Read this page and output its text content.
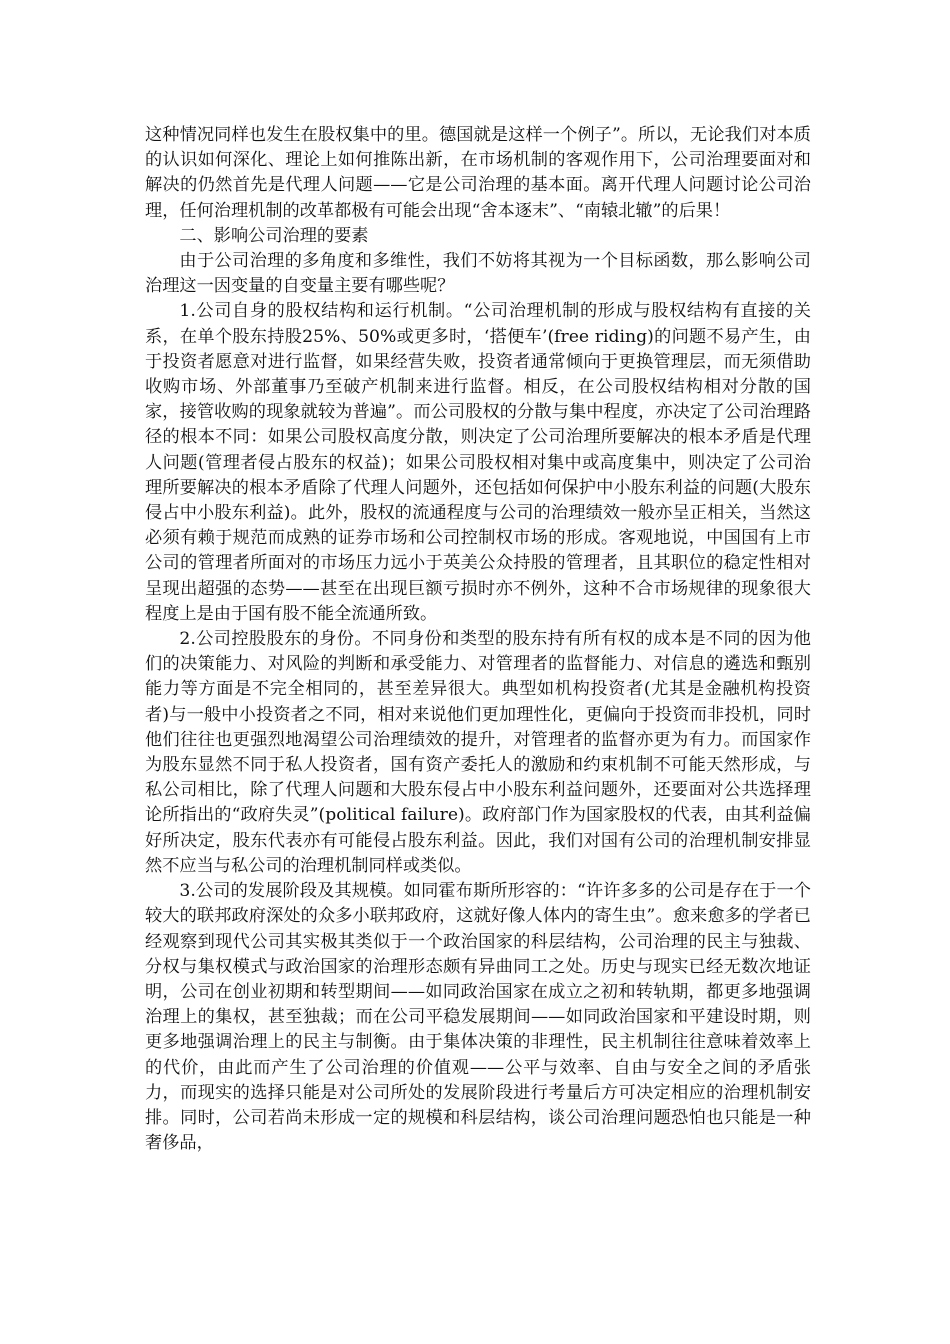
这种情况同样也发生在股权集中的里。德国就是这样一个例子”。所以，无论我们对本质的认识如何深化、理论上如何推陈出新，在市场机制的客观作用下，公司治理要面对和解决的仍然首先是代理人问题——它是公司治理的基本面。离开代理人问题讨论公司治理，任何治理机制的改革都极有可能会出现“舍本逐末”、“南辕北辙”的后果！

二、影响公司治理的要素

由于公司治理的多角度和多维性，我们不妨将其视为一个目标函数，那么影响公司治理这一因变量的自变量主要有哪些呢？

1.公司自身的股权结构和运行机制。“公司治理机制的形成与股权结构有直接的关系，在单个股东持股25%、50%或更多时，‘搭便车’(free riding)的问题不易产生，由于投资者愿意对进行监督，如果经营失败，投资者通常倾向于更换管理层，而无须借助收购市场、外部董事乃至破产机制来进行监督。相反，在公司股权结构相对分散的国家，接管收购的现象就较为普遍”。而公司股权的分散与集中程度，亦决定了公司治理路径的根本不同：如果公司股权高度分散，则决定了公司治理所要解决的根本矛盾是代理人问题(管理者侵占股东的权益)；如果公司股权相对集中或高度集中，则决定了公司治理所要解决的根本矛盾除了代理人问题外，还包括如何保护中小股东利益的问题(大股东侵占中小股东利益)。此外，股权的流通程度与公司的治理绩效一般亦呈正相关，当然这必须有赖于规范而成熟的证券市场和公司控制权市场的形成。客观地说，中国国有上市公司的管理者所面对的市场压力远小于英美公众持股的管理者，且其职位的稳定性相对呈现出超强的态势——甚至在出现巨额亏损时亦不例外，这种不合市场规律的现象很大程度上是由于国有股不能全流通所致。

2.公司控股股东的身份。不同身份和类型的股东持有所有权的成本是不同的因为他们的决策能力、对风险的判断和承受能力、对管理者的监督能力、对信息的遴选和甄别能力等方面是不完全相同的，甚至差异很大。典型如机构投资者(尤其是金融机构投资者)与一般中小投资者之不同，相对来说他们更加理性化，更偏向于投资而非投机，同时他们往往也更强烈地渴望公司治理绩效的提升，对管理者的监督亦更为有力。而国家作为股东显然不同于私人投资者，国有资产委托人的激励和约束机制不可能天然形成，与私公司相比，除了代理人问题和大股东侵占中小股东利益问题外，还要面对公共选择理论所指出的“政府失灵”(political failure)。政府部门作为国家股权的代表，由其利益偏好所决定，股东代表亦有可能侵占股东利益。因此，我们对国有公司的治理机制安排显然不应当与私公司的治理机制同样或类似。

3.公司的发展阶段及其规模。如同霍布斯所形容的：“许许多多的公司是存在于一个较大的联邦政府深处的众多小联邦政府，这就好像人体内的寄生虫”。愈来愈多的学者已经观察到现代公司其实极其类似于一个政治国家的科层结构，公司治理的民主与独裁、分权与集权模式与政治国家的治理形态颇有异曲同工之处。历史与现实已经无数次地证明，公司在创业初期和转型期间——如同政治国家在成立之初和转轨期，都更多地强调治理上的集权，甚至独裁；而在公司平稳发展期间——如同政治国家和平建设时期，则更多地强调治理上的民主与制衡。由于集体决策的非理性，民主机制往往意味着效率上的代价，由此而产生了公司治理的价值观——公平与效率、自由与安全之间的矛盾张力，而现实的选择只能是对公司所处的发展阶段进行考量后方可决定相应的治理机制安排。同时，公司若尚未形成一定的规模和科层结构，谈公司治理问题恐怕也只能是一种奢侈品，
